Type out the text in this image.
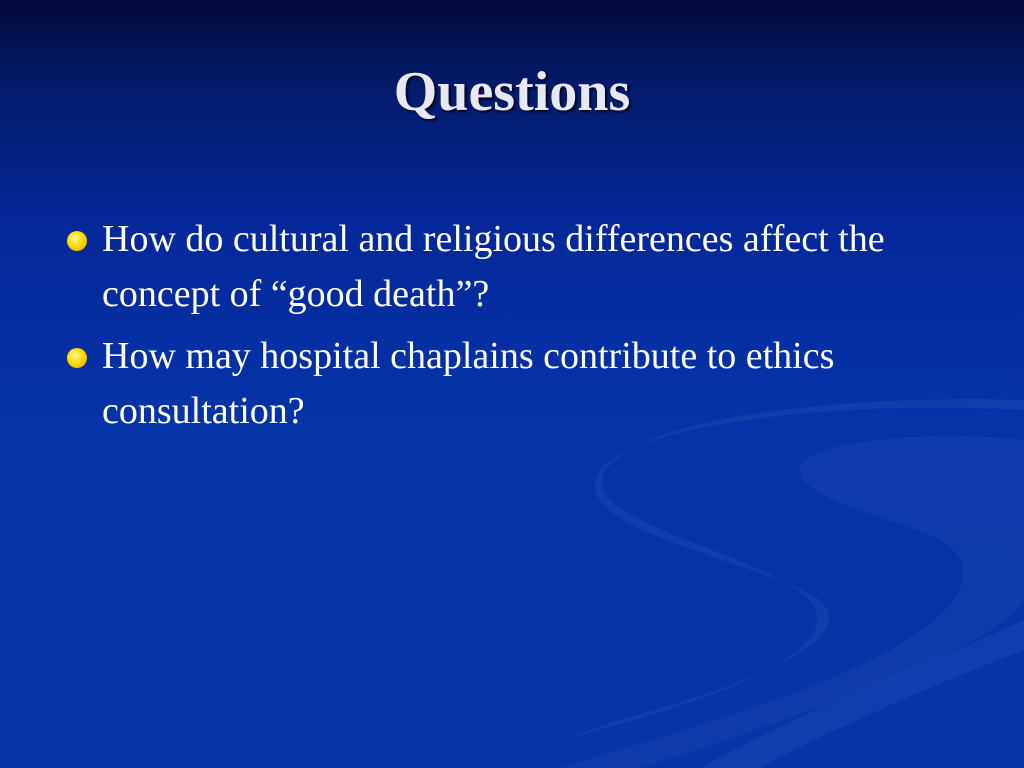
Questions
How do cultural and religious differences affect the concept of “good death”?
How may hospital chaplains contribute to ethics consultation?
